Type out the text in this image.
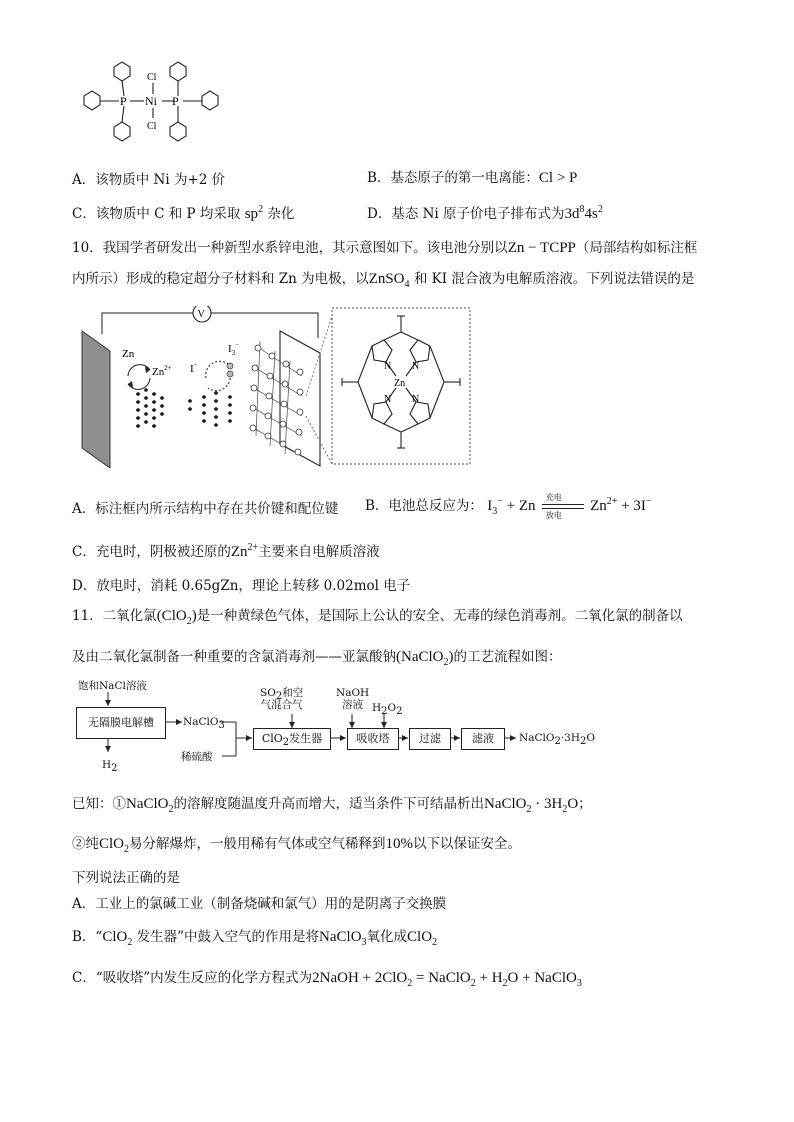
P Ni P
Cl
Cl
A．该物质中 Ni 为+2 价	B．基态原子的第一电离能：Cl > P
C．该物质中 C 和 P 均采取 $sp^2$ 杂化	D．基态 Ni 原子价电子排布式为$3d^84s^2$
10．我国学者研发出一种新型水系锌电池，其示意图如下。该电池分别以Zn − TCPP（局部结构如标注框
内所示）形成的稳定超分子材料和 Zn 为电极，以ZnSO$_4$ 和 KI 混合液为电解质溶液。下列说法错误的是
V
Zn
$Zn^{2+}$ I−
$I_3^-$
N N
N N
Zn
A．标注框内所示结构中存在共价键和配位键 B．电池总反应为： $I_3^- + Zn$
充电
放电
$Zn^{2+} + 3I^-$
C．充电时，阴极被还原的$Zn^{2+}$主要来自电解质溶液
D．放电时，消耗 0.65gZn，理论上转移 0.02mol 电子
11．二氧化氯(ClO$_2$)是一种黄绿色气体，是国际上公认的安全、无毒的绿色消毒剂。二氧化氯的制备以
及由二氧化氯制备一种重要的含氯消毒剂——亚氯酸钠(NaClO$_2$)的工艺流程如图：
饱和NaCl溶液
无隔膜电解槽
$H_2$
NaClO$_3$
稀硫酸
$SO_2$和空
气混合气
ClO$_2$发生器
NaOH
溶液 $H_2O_2$
吸收塔	过滤	滤液	$NaClO_2\cdot 3H_2O$
已知：①NaClO$_2$的溶解度随温度升高而增大，适当条件下可结晶析出NaClO$_2$ · $3H_2O$；
②纯ClO$_2$易分解爆炸，一般用稀有气体或空气稀释到10%以下以保证安全。
下列说法正确的是
A．工业上的氯碱工业（制备烧碱和氯气）用的是阴离子交换膜
B．“ClO$_2$ 发生器”中鼓入空气的作用是将NaClO$_3$氧化成ClO$_2$
C．“吸收塔”内发生反应的化学方程式为2NaOH + 2ClO$_2$ = NaClO$_2$ + $H_2O$ + NaClO$_3$
